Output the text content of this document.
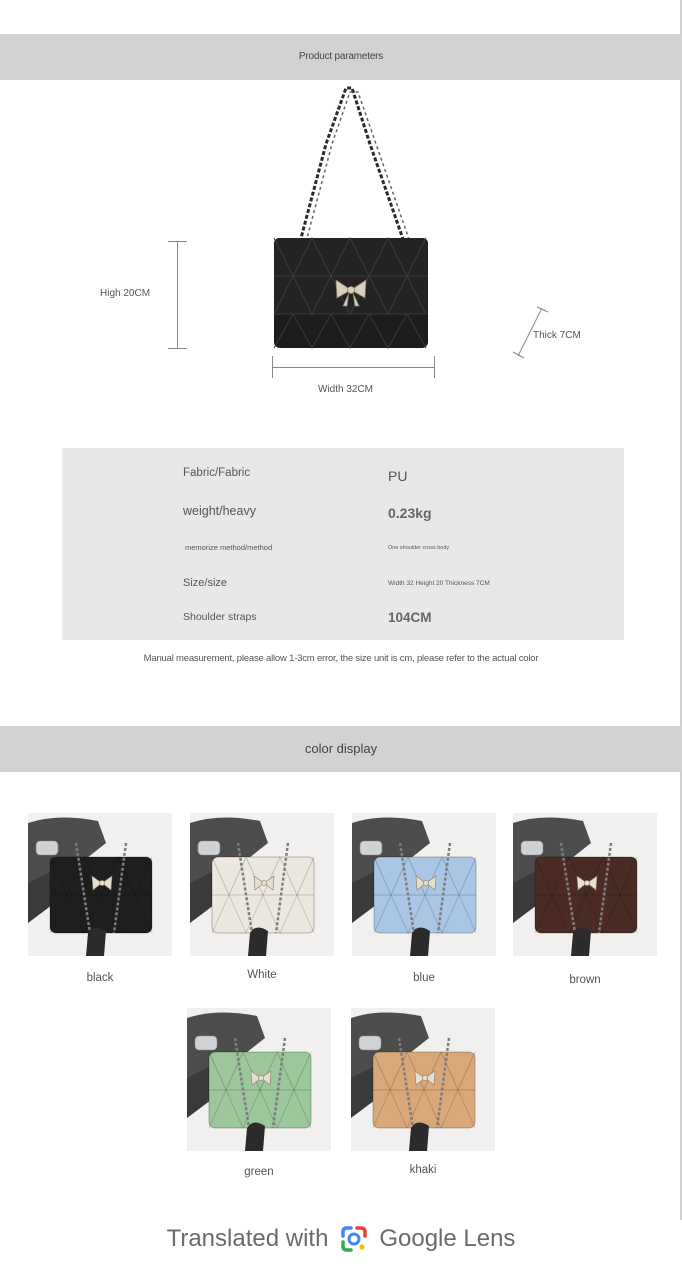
Product parameters
High 20CM
Width 32CM
Thick 7CM
Fabric/Fabric	PU
weight/heavy	0.23kg
memorize method/method	One shoulder cross body
Size/size	Width 32 Height 20 Thickness 7CM
Shoulder straps	104CM
Manual measurement, please allow 1-3cm error, the size unit is cm, please refer to the actual color
color display
black	White	blue	brown
green	khaki
Translated with Google Lens
